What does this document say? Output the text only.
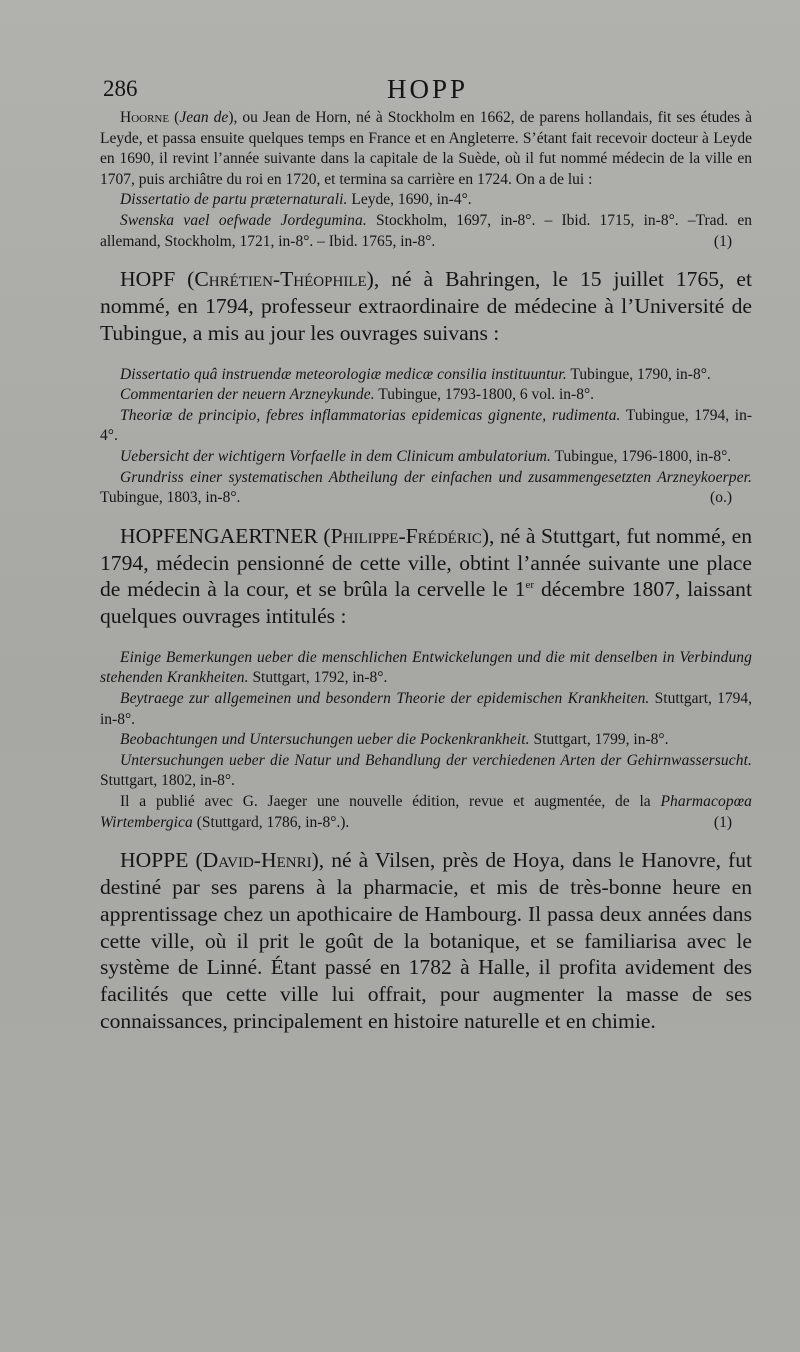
286	HOPP

Hoorne (Jean de), ou Jean de Horn, né à Stockholm en 1662, de parens hollandais, fit ses études à Leyde, et passa ensuite quelques temps en France et en Angleterre. S’étant fait recevoir docteur à Leyde en 1690, il revint l’année suivante dans la capitale de la Suède, où il fut nommé médecin de la ville en 1707, puis archiâtre du roi en 1720, et termina sa carrière en 1724. On a de lui :

Dissertatio de partu præternaturali. Leyde, 1690, in-4°.

Swenska vael oefwade Jordegumina. Stockholm, 1697, in-8°. – Ibid. 1715, in-8°. –Trad. en allemand, Stockholm, 1721, in-8°. – Ibid. 1765, in-8°.	(1)

HOPF (Chrétien-Théophile), né à Bahringen, le 15 juillet 1765, et nommé, en 1794, professeur extraordinaire de médecine à l’Université de Tubingue, a mis au jour les ouvrages suivans :

Dissertatio quâ instruendæ meteorologiæ medicæ consilia instituuntur. Tubingue, 1790, in-8°.

Commentarien der neuern Arzneykunde. Tubingue, 1793-1800, 6 vol. in-8°.

Theoriæ de principio, febres inflammatorias epidemicas gignente, rudimenta. Tubingue, 1794, in-4°.

Uebersicht der wichtigern Vorfaelle in dem Clinicum ambulatorium. Tubingue, 1796-1800, in-8°.

Grundriss einer systematischen Abtheilung der einfachen und zusammengesetzten Arzneykoerper. Tubingue, 1803, in-8°.	(o.)

HOPFENGAERTNER (Philippe-Frédéric), né à Stuttgart, fut nommé, en 1794, médecin pensionné de cette ville, obtint l’année suivante une place de médecin à la cour, et se brûla la cervelle le 1er décembre 1807, laissant quelques ouvrages intitulés :

Einige Bemerkungen ueber die menschlichen Entwickelungen und die mit denselben in Verbindung stehenden Krankheiten. Stuttgart, 1792, in-8°.

Beytraege zur allgemeinen und besondern Theorie der epidemischen Krankheiten. Stuttgart, 1794, in-8°.

Beobachtungen und Untersuchungen ueber die Pockenkrankheit. Stuttgart, 1799, in-8°.

Untersuchungen ueber die Natur und Behandlung der verchiedenen Arten der Gehirnwassersucht. Stuttgart, 1802, in-8°.

Il a publié avec G. Jaeger une nouvelle édition, revue et augmentée, de la Pharmacopœa Wirtembergica (Stuttgard, 1786, in-8°.).	(1)

HOPPE (David-Henri), né à Vilsen, près de Hoya, dans le Hanovre, fut destiné par ses parens à la pharmacie, et mis de très-bonne heure en apprentissage chez un apothicaire de Hambourg. Il passa deux années dans cette ville, où il prit le goût de la botanique, et se familiarisa avec le système de Linné. Étant passé en 1782 à Halle, il profita avidement des facilités que cette ville lui offrait, pour augmenter la masse de ses connaissances, principalement en histoire naturelle et en chimie.
